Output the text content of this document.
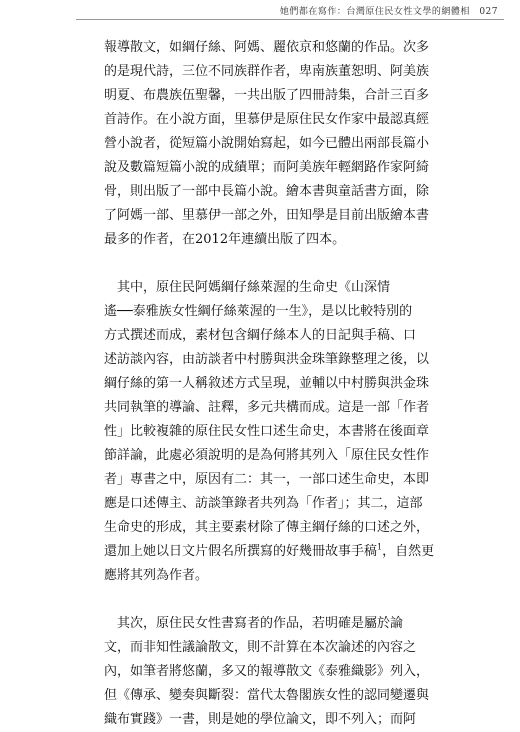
她們都在寫作：台灣原住民女性文學的網體相　027
報導散文，如綱仔絲、阿媽、麗依京和悠蘭的作品。次多
的是現代詩，三位不同族群作者，卑南族董恕明、阿美族
明夏、布農族伍聖馨，一共出版了四冊詩集，合計三百多
首詩作。在小說方面，里慕伊是原住民女作家中最認真經
營小說者，從短篇小說開始寫起，如今已體出兩部長篇小
說及數篇短篇小說的成績單；而阿美族年輕網路作家阿綺
骨，則出版了一部中長篇小說。繪本書與童話書方面，除
了阿媽一部、里慕伊一部之外，田知學是目前出版繪本書
最多的作者，在2012年連續出版了四本。
　其中，原住民阿媽綱仔絲萊渥的生命史《山深情
遙──泰雅族女性綱仔絲萊渥的一生》，是以比較特別的
方式撰述而成，素材包含綱仔絲本人的日記與手稿、口
述訪談內容，由訪談者中村勝與洪金珠筆錄整理之後，以
綱仔絲的第一人稱敘述方式呈現，並輔以中村勝與洪金珠
共同執筆的導論、註釋，多元共構而成。這是一部「作者
性」比較複雜的原住民女性口述生命史，本書將在後面章
節詳論，此處必須說明的是為何將其列入「原住民女性作
者」專書之中，原因有二：其一，一部口述生命史，本即
應是口述傳主、訪談筆錄者共列為「作者」；其二，這部
生命史的形成，其主要素材除了傳主綱仔絲的口述之外，
還加上她以日文片假名所撰寫的好幾冊故事手稿$^1$，自然更
應將其列為作者。
　其次，原住民女性書寫者的作品，若明確是屬於論
文，而非知性議論散文，則不計算在本次論述的內容之
內，如筆者將悠蘭，多又的報導散文《泰雅織影》列入，
但《傳承、變奏與斷裂：當代太魯閣族女性的認同變遷與
織布實踐》一書，則是她的學位論文，即不列入；而阿
